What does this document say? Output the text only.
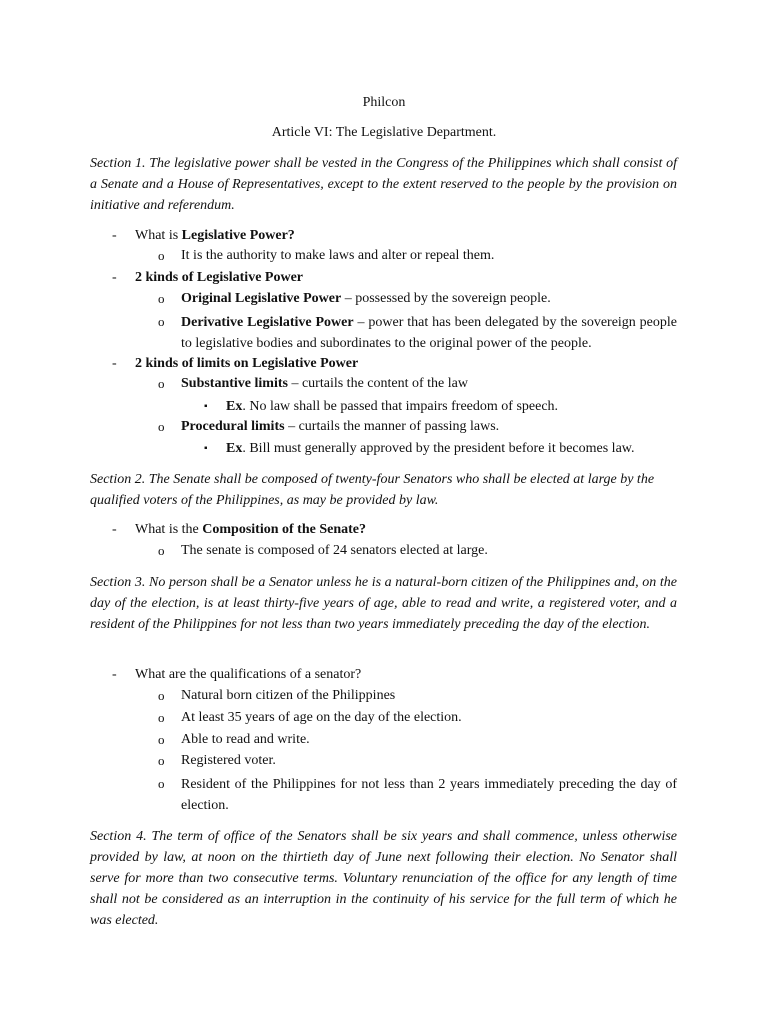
Philcon
Article VI: The Legislative Department.
Section 1. The legislative power shall be vested in the Congress of the Philippines which shall consist of a Senate and a House of Representatives, except to the extent reserved to the people by the provision on initiative and referendum.
- What is Legislative Power?
o It is the authority to make laws and alter or repeal them.
- 2 kinds of Legislative Power
o Original Legislative Power – possessed by the sovereign people.
o Derivative Legislative Power – power that has been delegated by the sovereign people to legislative bodies and subordinates to the original power of the people.
- 2 kinds of limits on Legislative Power
o Substantive limits – curtails the content of the law
▪ Ex. No law shall be passed that impairs freedom of speech.
o Procedural limits – curtails the manner of passing laws.
▪ Ex. Bill must generally approved by the president before it becomes law.
Section 2. The Senate shall be composed of twenty-four Senators who shall be elected at large by the qualified voters of the Philippines, as may be provided by law.
- What is the Composition of the Senate?
o The senate is composed of 24 senators elected at large.
Section 3. No person shall be a Senator unless he is a natural-born citizen of the Philippines and, on the day of the election, is at least thirty-five years of age, able to read and write, a registered voter, and a resident of the Philippines for not less than two years immediately preceding the day of the election.
- What are the qualifications of a senator?
o Natural born citizen of the Philippines
o At least 35 years of age on the day of the election.
o Able to read and write.
o Registered voter.
o Resident of the Philippines for not less than 2 years immediately preceding the day of election.
Section 4. The term of office of the Senators shall be six years and shall commence, unless otherwise provided by law, at noon on the thirtieth day of June next following their election. No Senator shall serve for more than two consecutive terms. Voluntary renunciation of the office for any length of time shall not be considered as an interruption in the continuity of his service for the full term of which he was elected.
